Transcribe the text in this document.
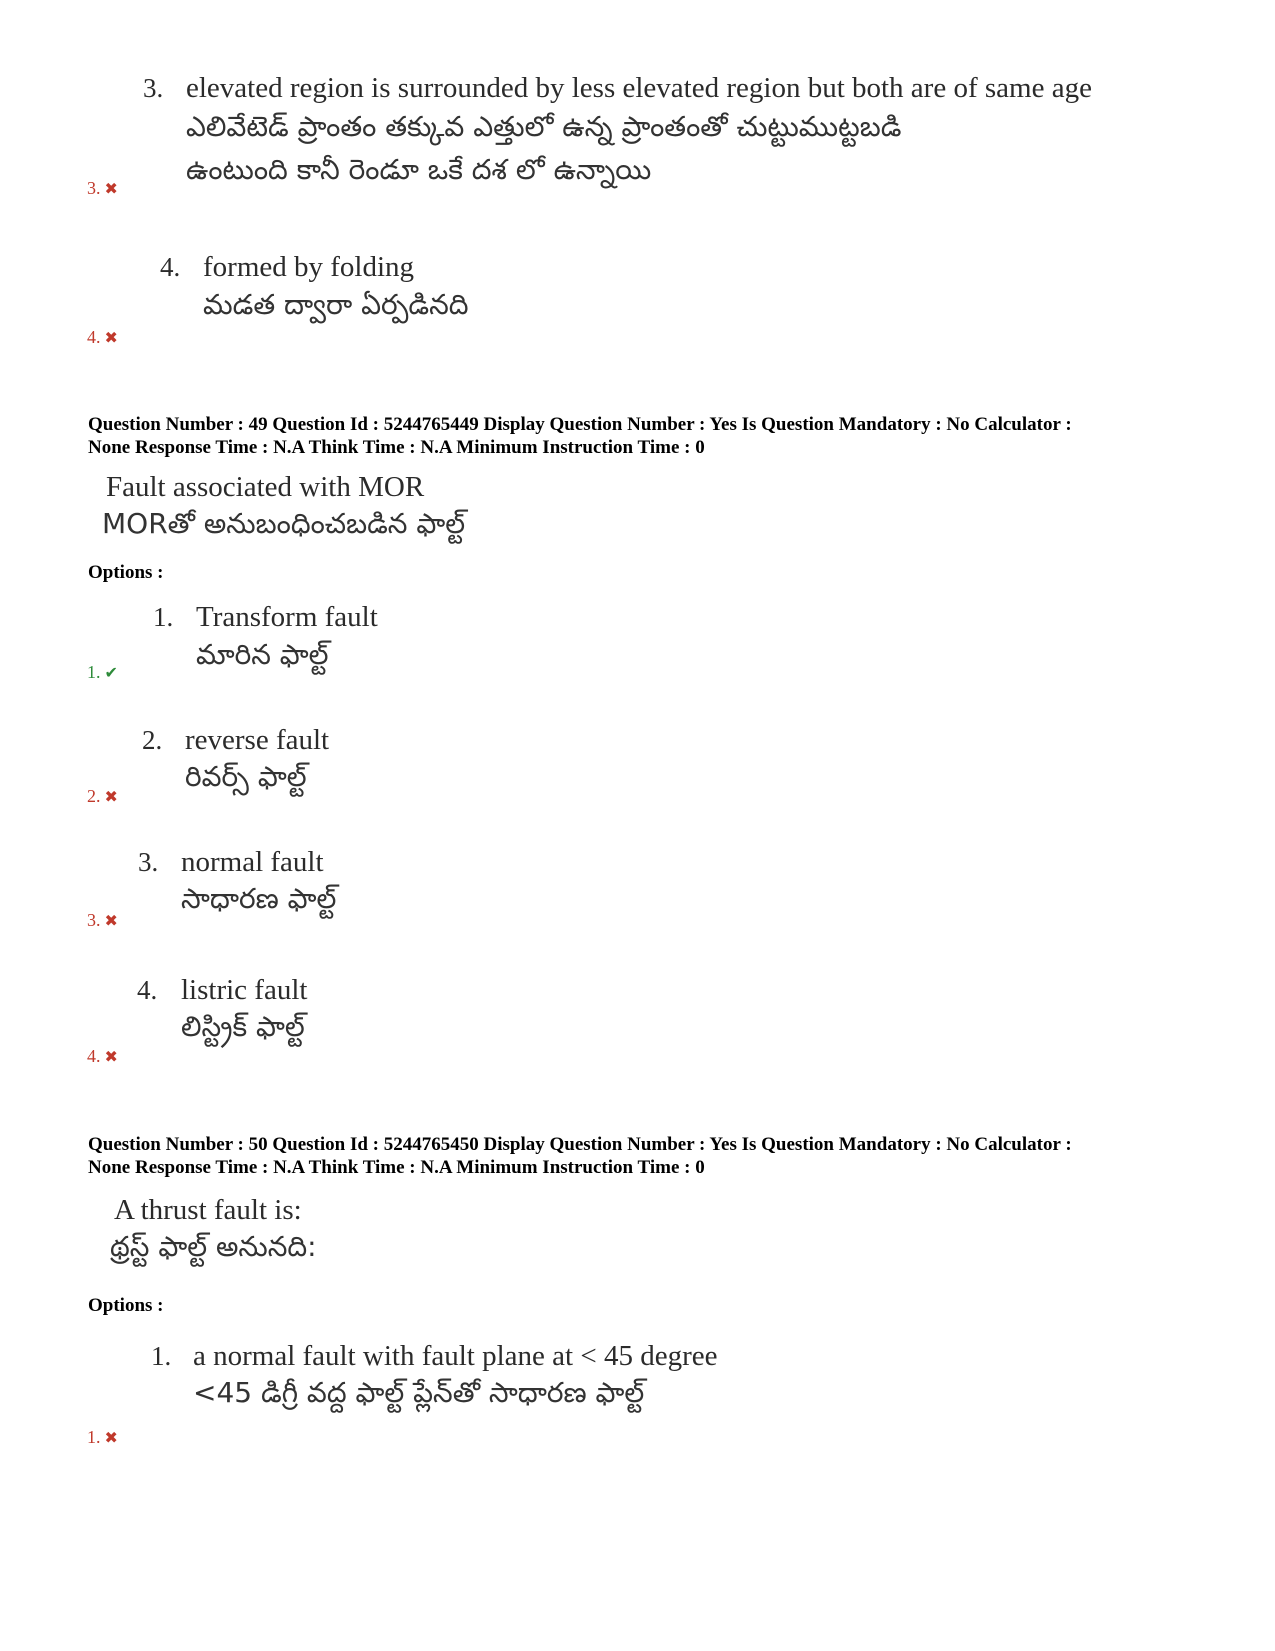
3. elevated region is surrounded by less elevated region but both are of same age
ఎలివేటెడ్ ప్రాంతం తక్కువ ఎత్తులో ఉన్న ప్రాంతంతో చుట్టుముట్టబడి
ఉంటుంది కానీ రెండూ ఒకే దశ లో ఉన్నాయి
3. ✖
4. formed by folding
మడత ద్వారా ఏర్పడినది
4. ✖
Question Number : 49 Question Id : 5244765449 Display Question Number : Yes Is Question Mandatory : No Calculator :
None Response Time : N.A Think Time : N.A Minimum Instruction Time : 0
Fault associated with MOR
MORతో అనుబంధించబడిన ఫాల్ట్
Options :
1. Transform fault
మారిన ఫాల్ట్
1. ✔
2. reverse fault
రివర్స్ ఫాల్ట్
2. ✖
3. normal fault
సాధారణ ఫాల్ట్
3. ✖
4. listric fault
లిస్ట్రిక్ ఫాల్ట్
4. ✖
Question Number : 50 Question Id : 5244765450 Display Question Number : Yes Is Question Mandatory : No Calculator :
None Response Time : N.A Think Time : N.A Minimum Instruction Time : 0
A thrust fault is:
థ్రస్ట్ ఫాల్ట్ అనునది:
Options :
1. a normal fault with fault plane at < 45 degree
<45 డిగ్రీ వద్ద ఫాల్ట్ ప్లేన్‌తో సాధారణ ఫాల్ట్
1. ✖
